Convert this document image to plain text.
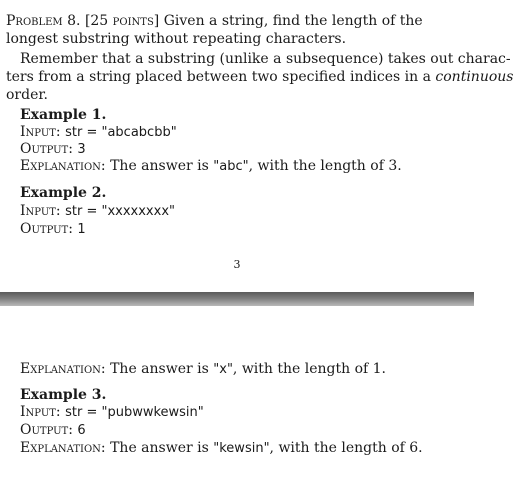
Problem 8. [25 points] Given a string, find the length of the
longest substring without repeating characters.
Remember that a substring (unlike a subsequence) takes out charac-
ters from a string placed between two specified indices in a continuous
order.
Example 1.
Input: str = "abcabcbb"
Output: 3
Explanation: The answer is "abc", with the length of 3.
Example 2.
Input: str = "xxxxxxxx"
Output: 1
3
Explanation: The answer is "x", with the length of 1.
Example 3.
Input: str = "pubwwkewsin"
Output: 6
Explanation: The answer is "kewsin", with the length of 6.
